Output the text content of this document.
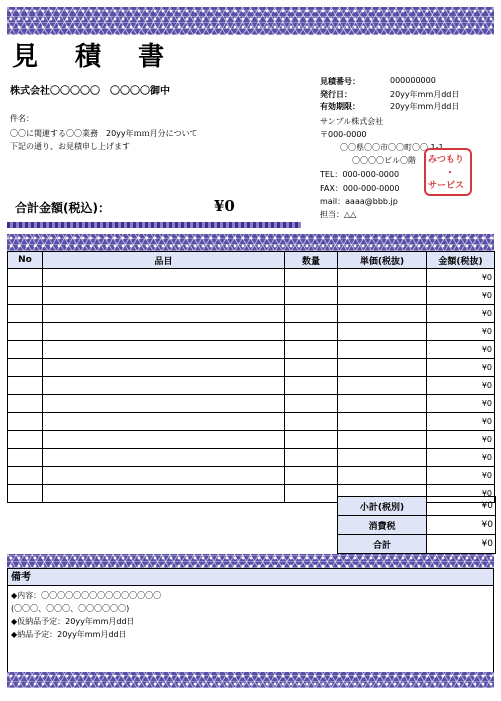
見 積 書
株式会社〇〇〇〇〇　〇〇〇〇御中
件名：
〇〇に関連する〇〇業務　20yy年ｍｍ月分について
下記の通り、お見積申し上げます
見積番号：	000000000
発行日：	20yy年mm月dd日
有効期限：	20yy年mm月dd日
サンプル株式会社
〒000-0000
〇〇県〇〇市〇〇町〇〇 1-1
〇〇〇〇ビル〇階
TEL：000-000-0000
FAX：000-000-0000
mail：aaaa@bbb.jp
担当：△△
みつもり
・
サービス
合計金額(税込)：	¥0
No	品目	数量	単価(税抜)	金額(税抜)
				¥0
				¥0
				¥0
				¥0
				¥0
				¥0
				¥0
				¥0
				¥0
				¥0
				¥0
				¥0
				¥0
小計(税別)	¥0
消費税	¥0
合計	¥0
備考
◆内容：〇〇〇〇〇〇〇〇〇〇〇〇〇〇〇
(〇〇〇、〇〇〇、〇〇〇〇〇〇)
◆仮納品予定：20yy年mm月dd日
◆納品予定：20yy年mm月dd日
